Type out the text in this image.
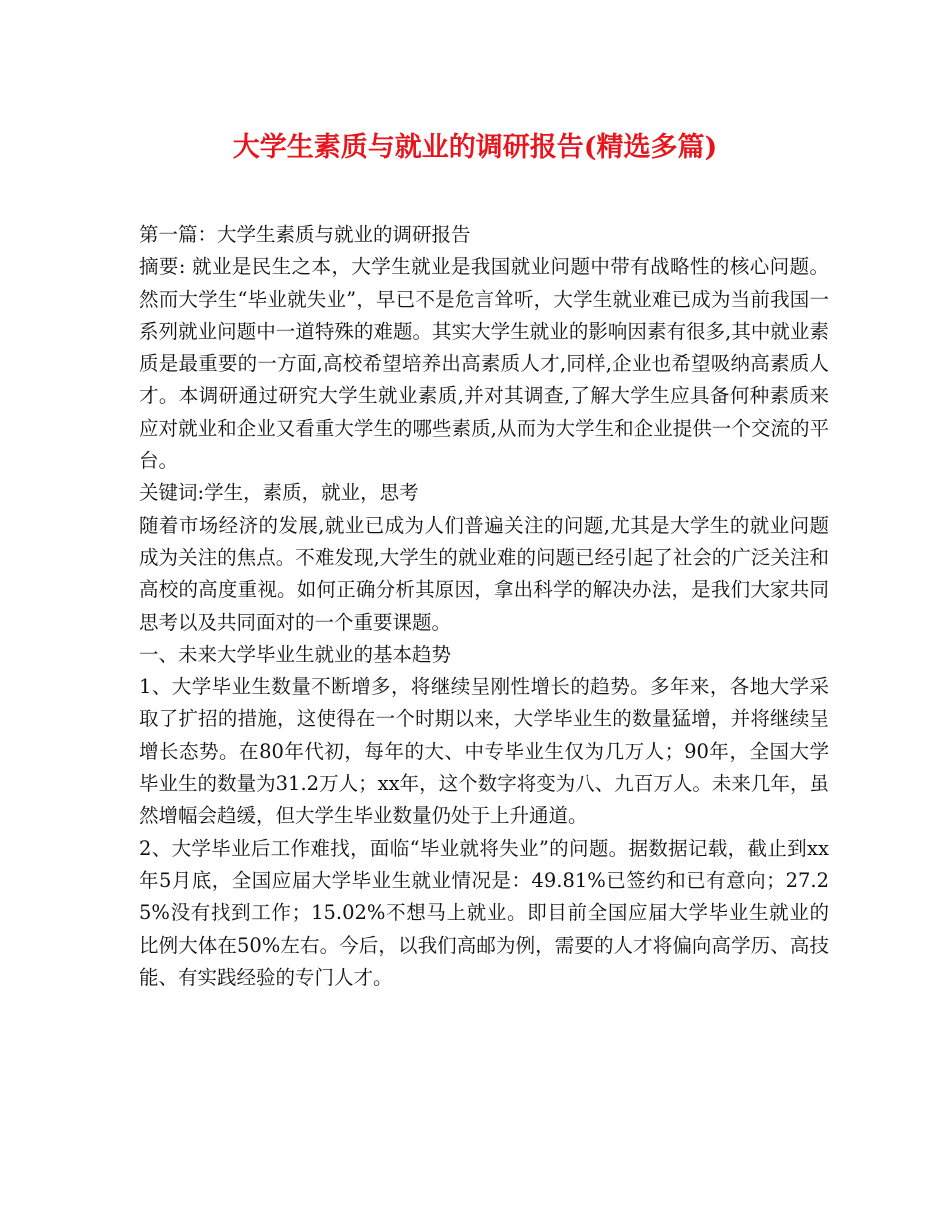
大学生素质与就业的调研报告(精选多篇)

第一篇：大学生素质与就业的调研报告

摘要: 就业是民生之本，大学生就业是我国就业问题中带有战略性的核心问题。然而大学生“毕业就失业”，早已不是危言耸听，大学生就业难已成为当前我国一系列就业问题中一道特殊的难题。其实大学生就业的影响因素有很多,其中就业素质是最重要的一方面,高校希望培养出高素质人才,同样,企业也希望吸纳高素质人才。本调研通过研究大学生就业素质,并对其调查,了解大学生应具备何种素质来应对就业和企业又看重大学生的哪些素质,从而为大学生和企业提供一个交流的平台。

关键词:学生，素质，就业，思考

随着市场经济的发展,就业已成为人们普遍关注的问题,尤其是大学生的就业问题成为关注的焦点。不难发现,大学生的就业难的问题已经引起了社会的广泛关注和高校的高度重视。如何正确分析其原因，拿出科学的解决办法，是我们大家共同思考以及共同面对的一个重要课题。

一、未来大学毕业生就业的基本趋势

1、大学毕业生数量不断增多，将继续呈刚性增长的趋势。多年来，各地大学采取了扩招的措施，这使得在一个时期以来，大学毕业生的数量猛增，并将继续呈增长态势。在80年代初，每年的大、中专毕业生仅为几万人；90年，全国大学毕业生的数量为31.2万人；xx年，这个数字将变为八、九百万人。未来几年，虽然增幅会趋缓，但大学生毕业数量仍处于上升通道。

2、大学毕业后工作难找，面临“毕业就将失业”的问题。据数据记载，截止到xx年5月底，全国应届大学毕业生就业情况是：49.81%已签约和已有意向；27.25%没有找到工作；15.02%不想马上就业。即目前全国应届大学毕业生就业的比例大体在50%左右。今后，以我们高邮为例，需要的人才将偏向高学历、高技能、有实践经验的专门人才。
